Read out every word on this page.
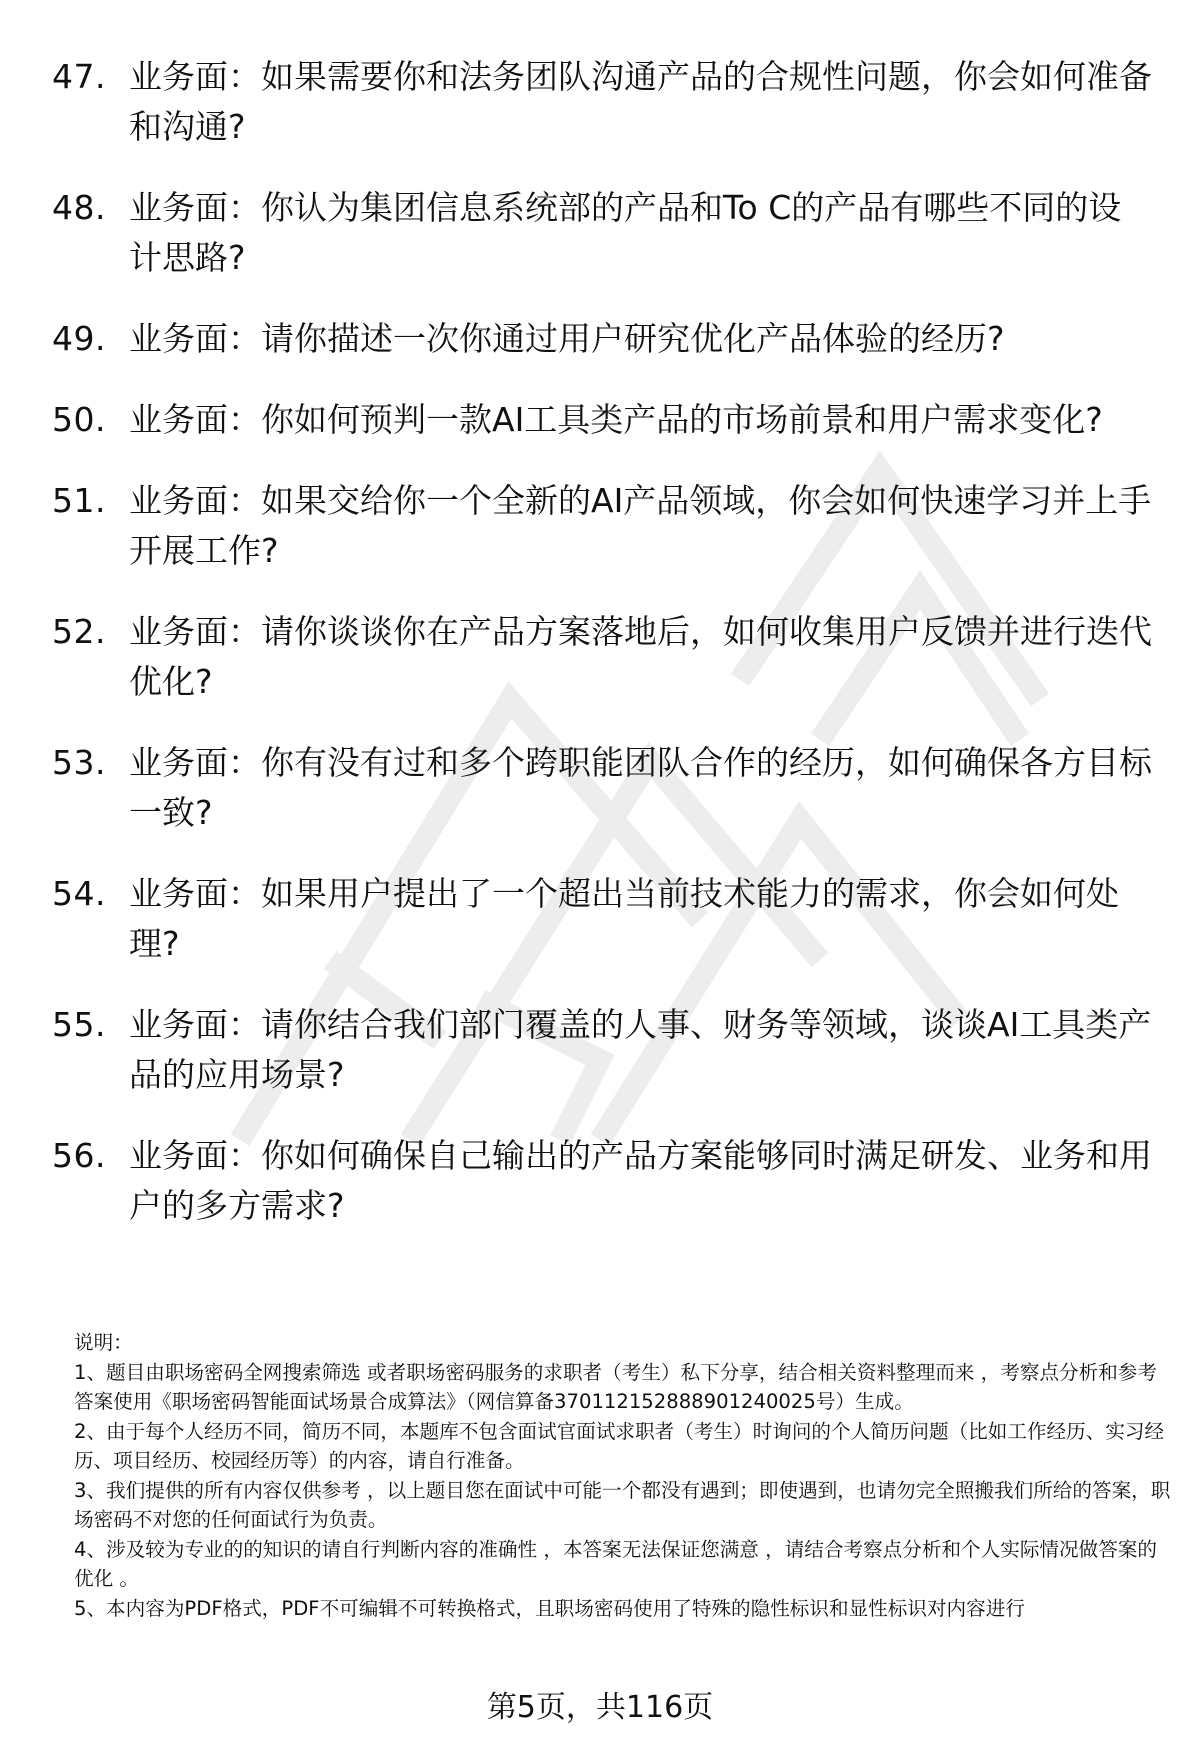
47. 业务面：如果需要你和法务团队沟通产品的合规性问题，你会如何准备和沟通?
48. 业务面：你认为集团信息系统部的产品和To C的产品有哪些不同的设计思路?
49. 业务面：请你描述一次你通过用户研究优化产品体验的经历?
50. 业务面：你如何预判一款AI工具类产品的市场前景和用户需求变化?
51. 业务面：如果交给你一个全新的AI产品领域，你会如何快速学习并上手开展工作?
52. 业务面：请你谈谈你在产品方案落地后，如何收集用户反馈并进行迭代优化?
53. 业务面：你有没有过和多个跨职能团队合作的经历，如何确保各方目标一致?
54. 业务面：如果用户提出了一个超出当前技术能力的需求，你会如何处理?
55. 业务面：请你结合我们部门覆盖的人事、财务等领域，谈谈AI工具类产品的应用场景?
56. 业务面：你如何确保自己输出的产品方案能够同时满足研发、业务和用户的多方需求?

说明：

1、题目由职场密码全网搜索筛选 或者职场密码服务的求职者（考生）私下分享，结合相关资料整理而来 ，考察点分析和参考答案使用《职场密码智能面试场景合成算法》（网信算备370112152888901240025号）生成。

2、由于每个人经历不同，简历不同，本题库不包含面试官面试求职者（考生）时询问的个人简历问题（比如工作经历、实习经历、项目经历、校园经历等）的内容，请自行准备。

3、我们提供的所有内容仅供参考 ，以上题目您在面试中可能一个都没有遇到；即使遇到，也请勿完全照搬我们所给的答案，职场密码不对您的任何面试行为负责。

4、涉及较为专业的的知识的请自行判断内容的准确性 ，本答案无法保证您满意 ，请结合考察点分析和个人实际情况做答案的优化 。

5、本内容为PDF格式，PDF不可编辑不可转换格式，且职场密码使用了特殊的隐性标识和显性标识对内容进行

第5页，共116页
